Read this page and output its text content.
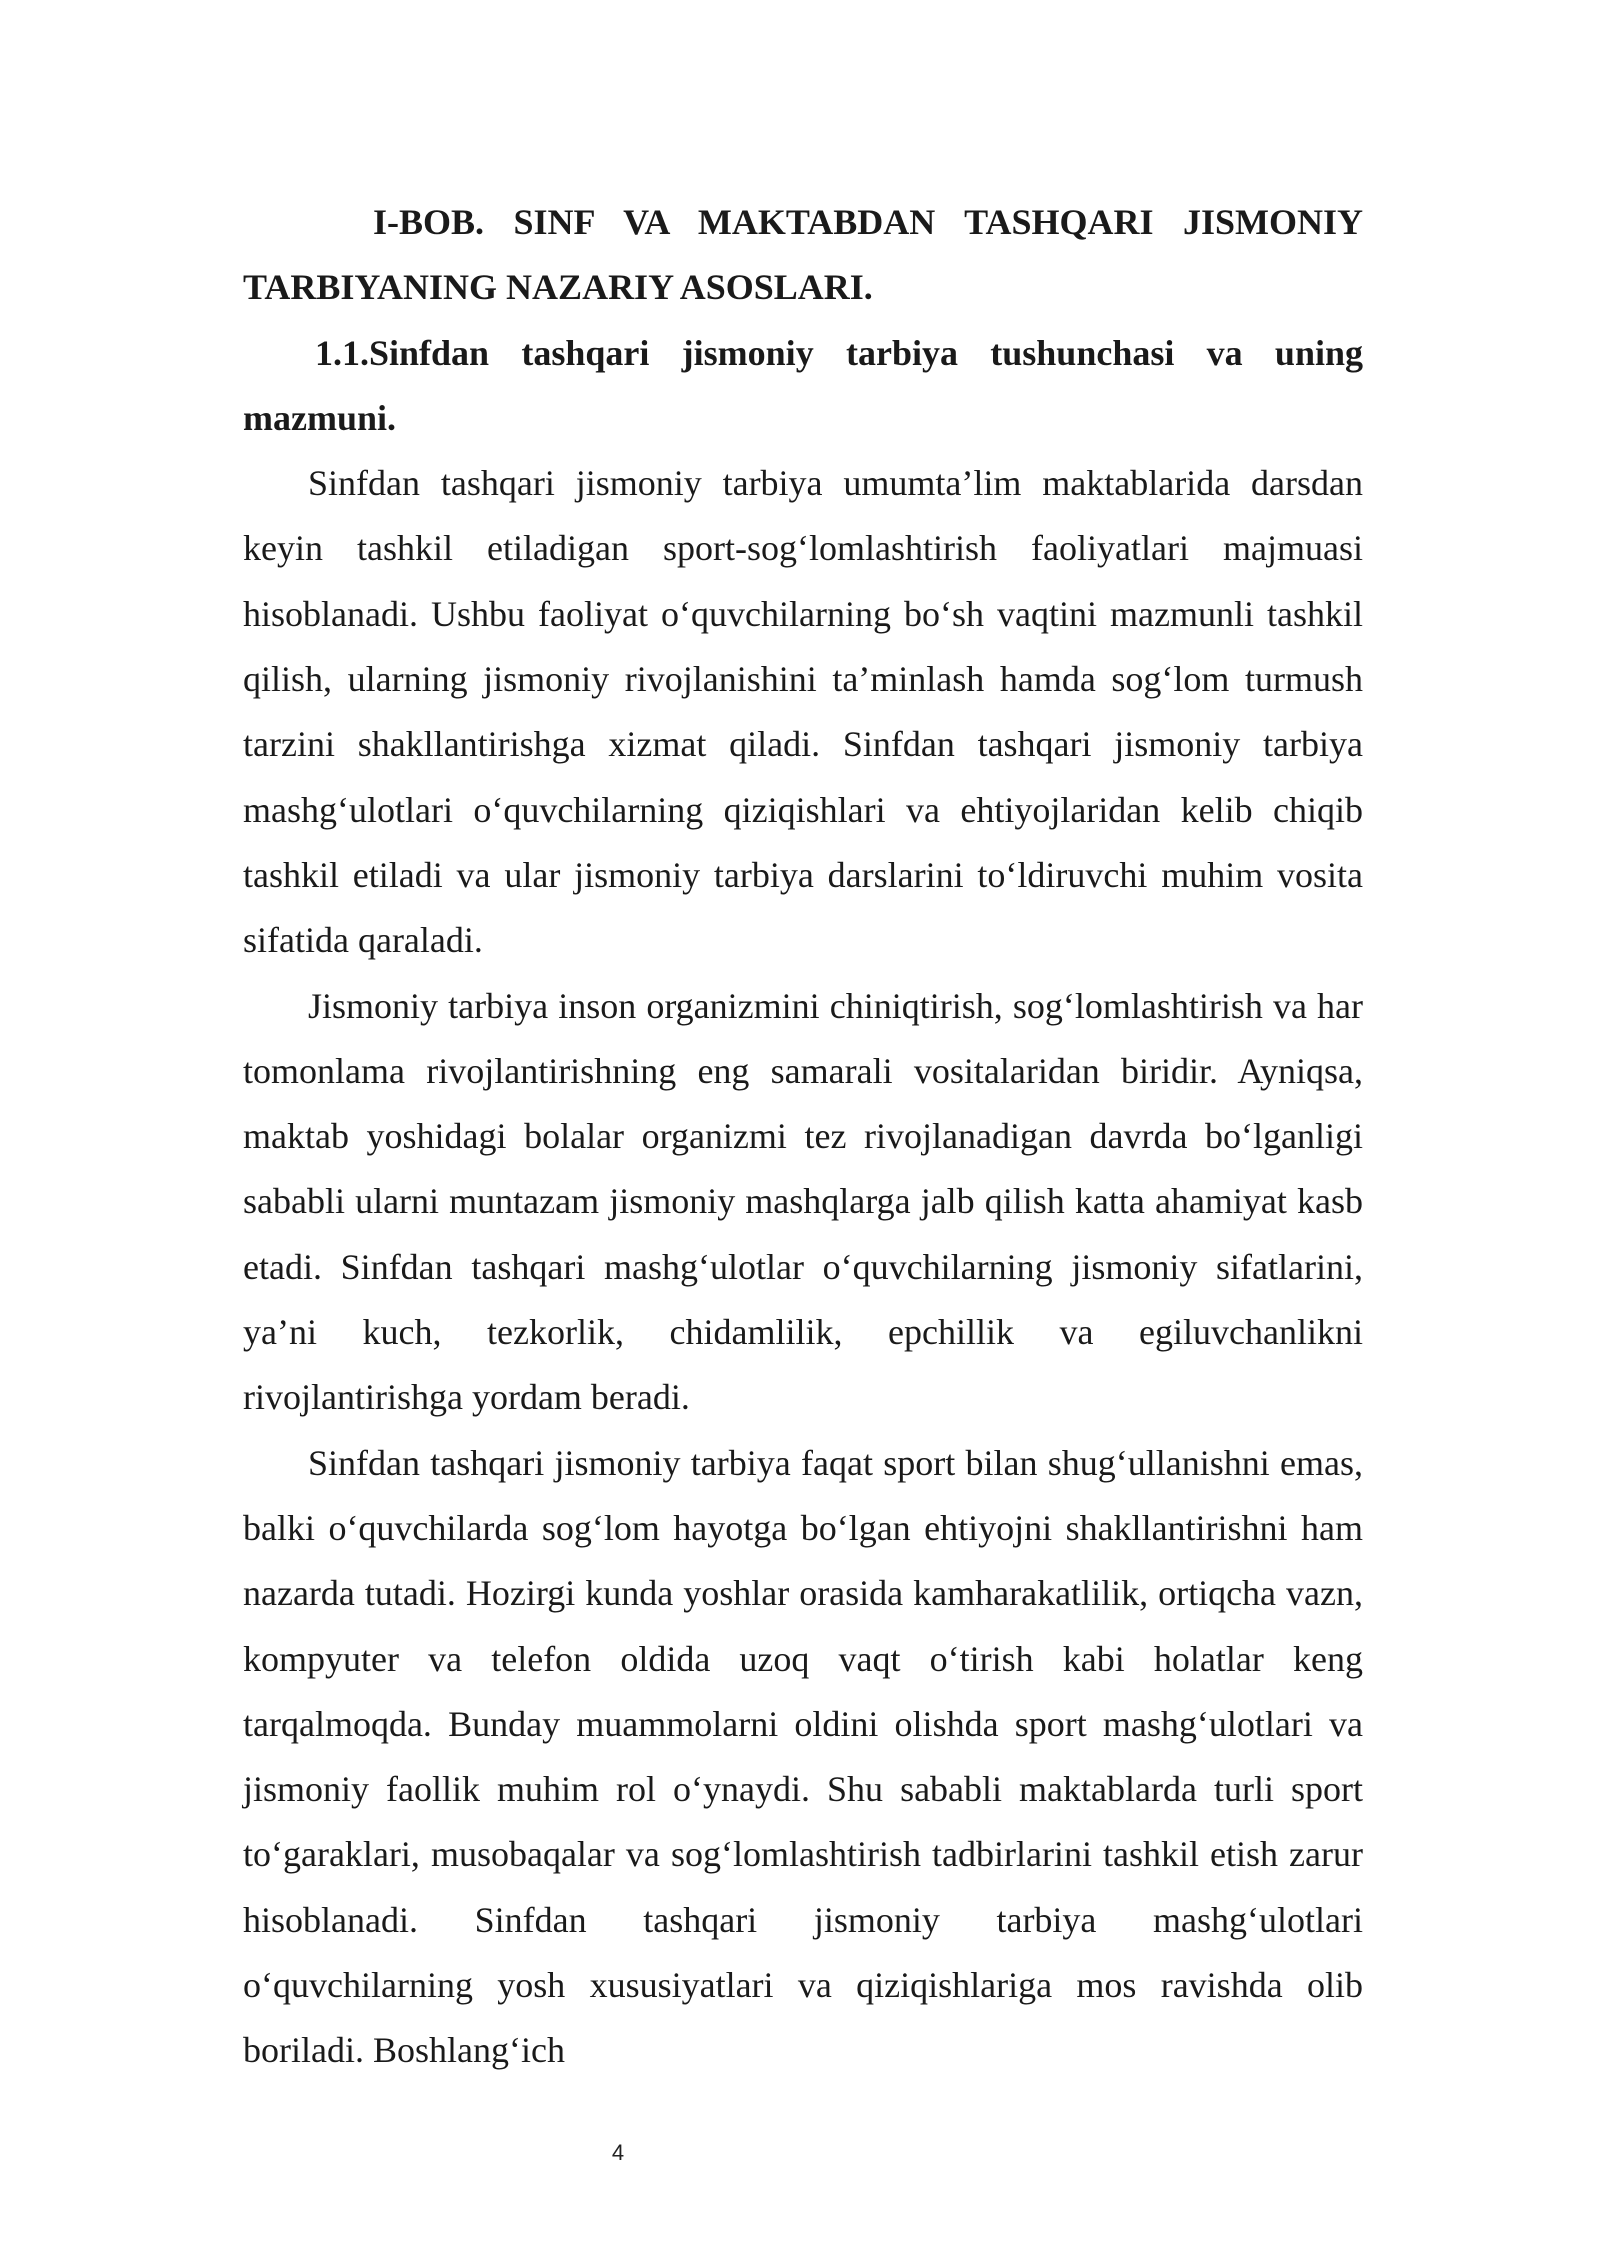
I-BOB. SINF VA MAKTABDAN TASHQARI JISMONIY TARBIYANING NAZARIY ASOSLARI.

1.1.Sinfdan tashqari jismoniy tarbiya tushunchasi va uning mazmuni.

Sinfdan tashqari jismoniy tarbiya umumta’lim maktablarida darsdan keyin tashkil etiladigan sport-sog‘lomlashtirish faoliyatlari majmuasi hisoblanadi. Ushbu faoliyat o‘quvchilarning bo‘sh vaqtini mazmunli tashkil qilish, ularning jismoniy rivojlanishini ta’minlash hamda sog‘lom turmush tarzini shakllantirishga xizmat qiladi. Sinfdan tashqari jismoniy tarbiya mashg‘ulotlari o‘quvchilarning qiziqishlari va ehtiyojlaridan kelib chiqib tashkil etiladi va ular jismoniy tarbiya darslarini to‘ldiruvchi muhim vosita sifatida qaraladi.

Jismoniy tarbiya inson organizmini chiniqtirish, sog‘lomlashtirish va har tomonlama rivojlantirishning eng samarali vositalaridan biridir. Ayniqsa, maktab yoshidagi bolalar organizmi tez rivojlanadigan davrda bo‘lganligi sababli ularni muntazam jismoniy mashqlarga jalb qilish katta ahamiyat kasb etadi. Sinfdan tashqari mashg‘ulotlar o‘quvchilarning jismoniy sifatlarini, ya’ni kuch, tezkorlik, chidamlilik, epchillik va egiluvchanlikni rivojlantirishga yordam beradi.

Sinfdan tashqari jismoniy tarbiya faqat sport bilan shug‘ullanishni emas, balki o‘quvchilarda sog‘lom hayotga bo‘lgan ehtiyojni shakllantirishni ham nazarda tutadi. Hozirgi kunda yoshlar orasida kamharakatlilik, ortiqcha vazn, kompyuter va telefon oldida uzoq vaqt o‘tirish kabi holatlar keng tarqalmoqda. Bunday muammolarni oldini olishda sport mashg‘ulotlari va jismoniy faollik muhim rol o‘ynaydi. Shu sababli maktablarda turli sport to‘garaklari, musobaqalar va sog‘lomlashtirish tadbirlarini tashkil etish zarur hisoblanadi. Sinfdan tashqari jismoniy tarbiya mashg‘ulotlari o‘quvchilarning yosh xususiyatlari va qiziqishlariga mos ravishda olib boriladi. Boshlang‘ich

4
